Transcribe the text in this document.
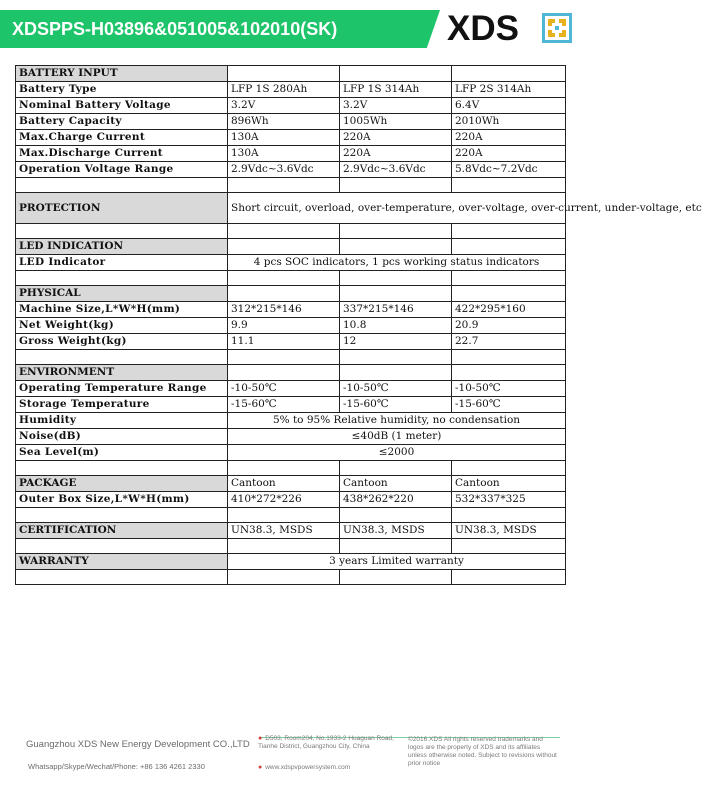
XDSPPS-H03896&051005&102010(SK)	XDS
BATTERY INPUT			
Battery Type	LFP 1S 280Ah	LFP 1S 314Ah	LFP 2S 314Ah
Nominal Battery Voltage	3.2V	3.2V	6.4V
Battery Capacity	896Wh	1005Wh	2010Wh
Max.Charge Current	130A	220A	220A
Max.Discharge Current	130A	220A	220A
Operation Voltage Range	2.9Vdc~3.6Vdc	2.9Vdc~3.6Vdc	5.8Vdc~7.2Vdc

PROTECTION	Short circuit, overload, over-temperature, over-voltage, over-current, under-voltage, etc		

LED INDICATION			
LED Indicator	4 pcs SOC indicators, 1 pcs working status indicators		

PHYSICAL			
Machine Size,L*W*H(mm)	312*215*146	337*215*146	422*295*160
Net Weight(kg)	9.9	10.8	20.9
Gross Weight(kg)	11.1	12	22.7

ENVIRONMENT			
Operating Temperature Range	-10-50℃	-10-50℃	-10-50℃
Storage Temperature	-15-60℃	-15-60℃	-15-60℃
Humidity	5% to 95% Relative humidity, no condensation		
Noise(dB)	≤40dB (1 meter)		
Sea Level(m)	≤2000		

PACKAGE	Cantoon	Cantoon	Cantoon
Outer Box Size,L*W*H(mm)	410*272*226	438*262*220	532*337*325

CERTIFICATION	UN38.3, MSDS	UN38.3, MSDS	UN38.3, MSDS

WARRANTY	3 years Limited warranty		

Guangzhou XDS New Energy Development CO.,LTD
● D503, Room204, No.1933-2 Huaguan Road, Tianhe District, Guangzhou City, China
©2016 XDS All rights reserved trademarks and logos are the property of XDS and its affiliates unless otherwise noted. Subject to revisions without prior notice
Whatsapp/Skype/Wechat/Phone: +86 136 4261 2330	● www.xdspvpowersystem.com
